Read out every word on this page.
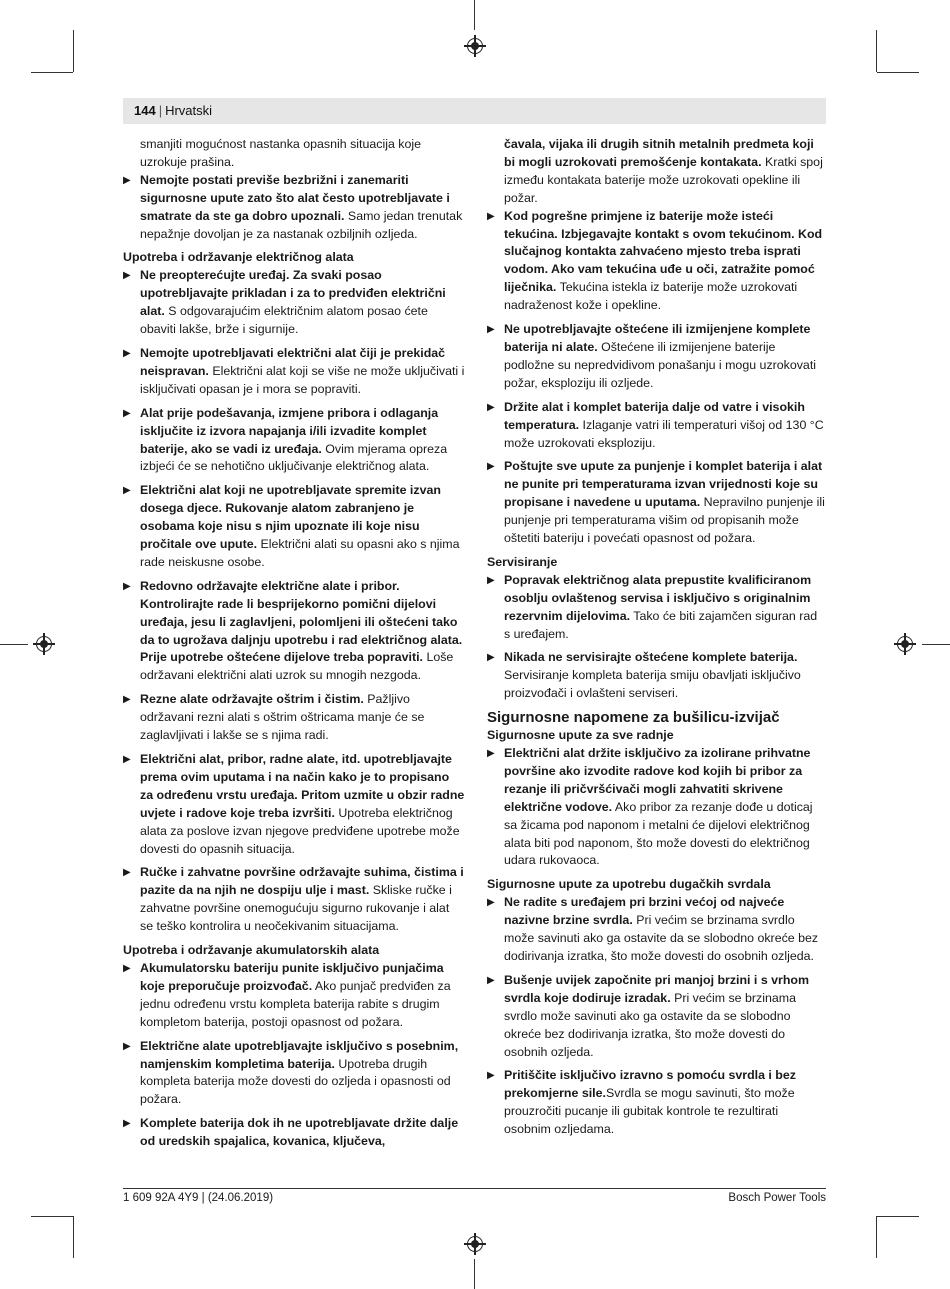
144 | Hrvatski

smanjiti mogućnost nastanka opasnih situacija koje uzrokuje prašina.

▶ Nemojte postati previše bezbrižni i zanemariti sigurnosne upute zato što alat često upotrebljavate i smatrate da ste ga dobro upoznali. Samo jedan trenutak nepažnje dovoljan je za nastanak ozbiljnih ozljeda.

Upotreba i održavanje električnog alata

▶ Ne preopterećujte uređaj. Za svaki posao upotrebljavajte prikladan i za to predviđen električni alat. S odgovarajućim električnim alatom posao ćete obaviti lakše, brže i sigurnije.
▶ Nemojte upotrebljavati električni alat čiji je prekidač neispravan. Električni alat koji se više ne može uključivati i isključivati opasan je i mora se popraviti.
▶ Alat prije podešavanja, izmjene pribora i odlaganja isključite iz izvora napajanja i/ili izvadite komplet baterije, ako se vadi iz uređaja. Ovim mjerama opreza izbjeći će se nehotično uključivanje električnog alata.
▶ Električni alat koji ne upotrebljavate spremite izvan dosega djece. Rukovanje alatom zabranjeno je osobama koje nisu s njim upoznate ili koje nisu pročitale ove upute. Električni alati su opasni ako s njima rade neiskusne osobe.
▶ Redovno održavajte električne alate i pribor. Kontrolirajte rade li besprijekorno pomični dijelovi uređaja, jesu li zaglavljeni, polomljeni ili oštećeni tako da to ugrožava daljnju upotrebu i rad električnog alata. Prije upotrebe oštećene dijelove treba popraviti. Loše održavani električni alati uzrok su mnogih nezgoda.
▶ Rezne alate održavajte oštrim i čistim. Pažljivo održavani rezni alati s oštrim oštricama manje će se zaglavljivati i lakše se s njima radi.
▶ Električni alat, pribor, radne alate, itd. upotrebljavajte prema ovim uputama i na način kako je to propisano za određenu vrstu uređaja. Pritom uzmite u obzir radne uvjete i radove koje treba izvršiti. Upotreba električnog alata za poslove izvan njegove predviđene upotrebe može dovesti do opasnih situacija.
▶ Ručke i zahvatne površine održavajte suhima, čistima i pazite da na njih ne dospiju ulje i mast. Skliske ručke i zahvatne površine onemogućuju sigurno rukovanje i alat se teško kontrolira u neočekivanim situacijama.

Upotreba i održavanje akumulatorskih alata

▶ Akumulatorsku bateriju punite isključivo punjačima koje preporučuje proizvođač. Ako punjač predviđen za jednu određenu vrstu kompleta baterija rabite s drugim kompletom baterija, postoji opasnost od požara.
▶ Električne alate upotrebljavajte isključivo s posebnim, namjenskim kompletima baterija. Upotreba drugih kompleta baterija može dovesti do ozljeda i opasnosti od požara.
▶ Komplete baterija dok ih ne upotrebljavate držite dalje od uredskih spajalica, kovanica, ključeva,

čavala, vijaka ili drugih sitnih metalnih predmeta koji bi mogli uzrokovati premošćenje kontakata. Kratki spoj između kontakata baterije može uzrokovati opekline ili požar.

▶ Kod pogrešne primjene iz baterije može isteći tekućina. Izbjegavajte kontakt s ovom tekućinom. Kod slučajnog kontakta zahvaćeno mjesto treba isprati vodom. Ako vam tekućina uđe u oči, zatražite pomoć liječnika. Tekućina istekla iz baterije može uzrokovati nadraženost kože i opekline.
▶ Ne upotrebljavajte oštećene ili izmijenjene komplete baterija ni alate. Oštećene ili izmijenjene baterije podložne su nepredvidivom ponašanju i mogu uzrokovati požar, eksploziju ili ozljede.
▶ Držite alat i komplet baterija dalje od vatre i visokih temperatura. Izlaganje vatri ili temperaturi višoj od 130 °C može uzrokovati eksploziju.
▶ Poštujte sve upute za punjenje i komplet baterija i alat ne punite pri temperaturama izvan vrijednosti koje su propisane i navedene u uputama. Nepravilno punjenje ili punjenje pri temperaturama višim od propisanih može oštetiti bateriju i povećati opasnost od požara.

Servisiranje

▶ Popravak električnog alata prepustite kvalificiranom osoblju ovlaštenog servisa i isključivo s originalnim rezervnim dijelovima. Tako će biti zajamčen siguran rad s uređajem.
▶ Nikada ne servisirajte oštećene komplete baterija. Servisiranje kompleta baterija smiju obavljati isključivo proizvođači i ovlašteni serviseri.

Sigurnosne napomene za bušilicu-izvijač

Sigurnosne upute za sve radnje

▶ Električni alat držite isključivo za izolirane prihvatne površine ako izvodite radove kod kojih bi pribor za rezanje ili pričvršćivači mogli zahvatiti skrivene električne vodove. Ako pribor za rezanje dođe u doticaj sa žicama pod naponom i metalni će dijelovi električnog alata biti pod naponom, što može dovesti do električnog udara rukovaoca.

Sigurnosne upute za upotrebu dugačkih svrdala

▶ Ne radite s uređajem pri brzini većoj od najveće nazivne brzine svrdla. Pri većim se brzinama svrdlo može savinuti ako ga ostavite da se slobodno okreće bez dodirivanja izratka, što može dovesti do osobnih ozljeda.
▶ Bušenje uvijek započnite pri manjoj brzini i s vrhom svrdla koje dodiruje izradak. Pri većim se brzinama svrdlo može savinuti ako ga ostavite da se slobodno okreće bez dodirivanja izratka, što može dovesti do osobnih ozljeda.
▶ Pritiščite isključivo izravno s pomoću svrdla i bez prekomjerne sile.Svrdla se mogu savinuti, što može prouzročiti pucanje ili gubitak kontrole te rezultirati osobnim ozljedama.
1 609 92A 4Y9 | (24.06.2019)	Bosch Power Tools
